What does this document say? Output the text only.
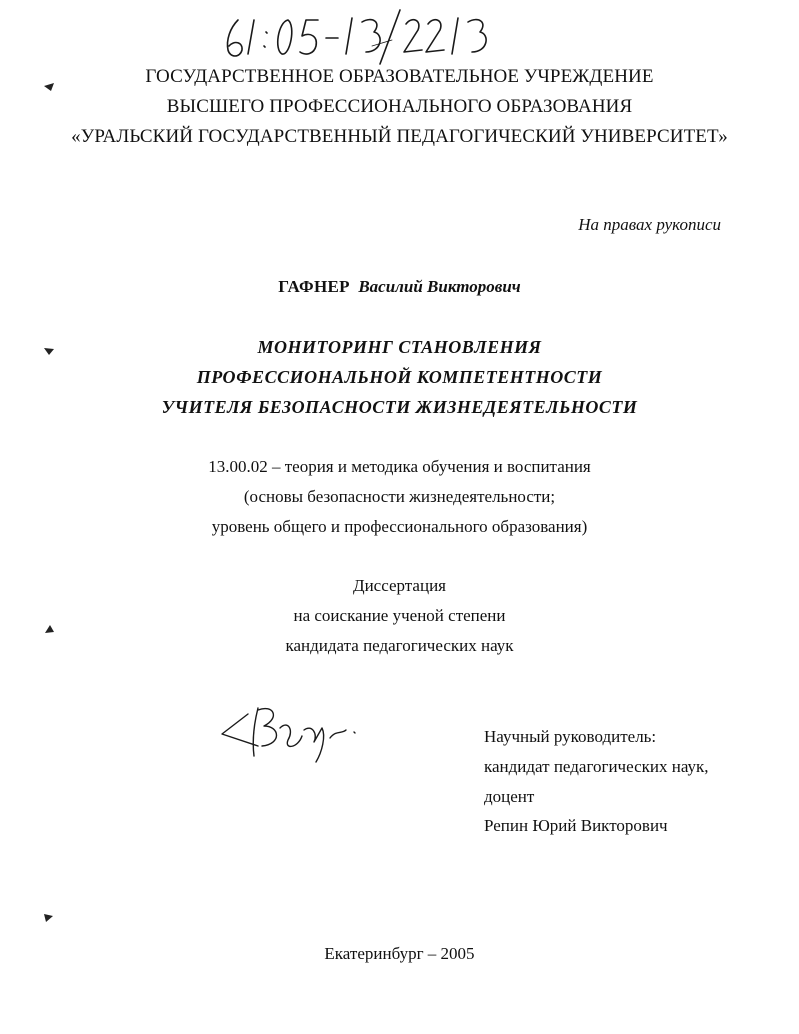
ГОСУДАРСТВЕННОЕ ОБРАЗОВАТЕЛЬНОЕ УЧРЕЖДЕНИЕ
ВЫСШЕГО ПРОФЕССИОНАЛЬНОГО ОБРАЗОВАНИЯ
«УРАЛЬСКИЙ ГОСУДАРСТВЕННЫЙ ПЕДАГОГИЧЕСКИЙ УНИВЕРСИТЕТ»
На правах рукописи
ГАФНЕР Василий Викторович
МОНИТОРИНГ СТАНОВЛЕНИЯ
ПРОФЕССИОНАЛЬНОЙ КОМПЕТЕНТНОСТИ
УЧИТЕЛЯ БЕЗОПАСНОСТИ ЖИЗНЕДЕЯТЕЛЬНОСТИ
13.00.02 – теория и методика обучения и воспитания
(основы безопасности жизнедеятельности;
уровень общего и профессионального образования)
Диссертация
на соискание ученой степени
кандидата педагогических наук
Научный руководитель:
кандидат педагогических наук,
доцент
Репин Юрий Викторович
Екатеринбург – 2005
